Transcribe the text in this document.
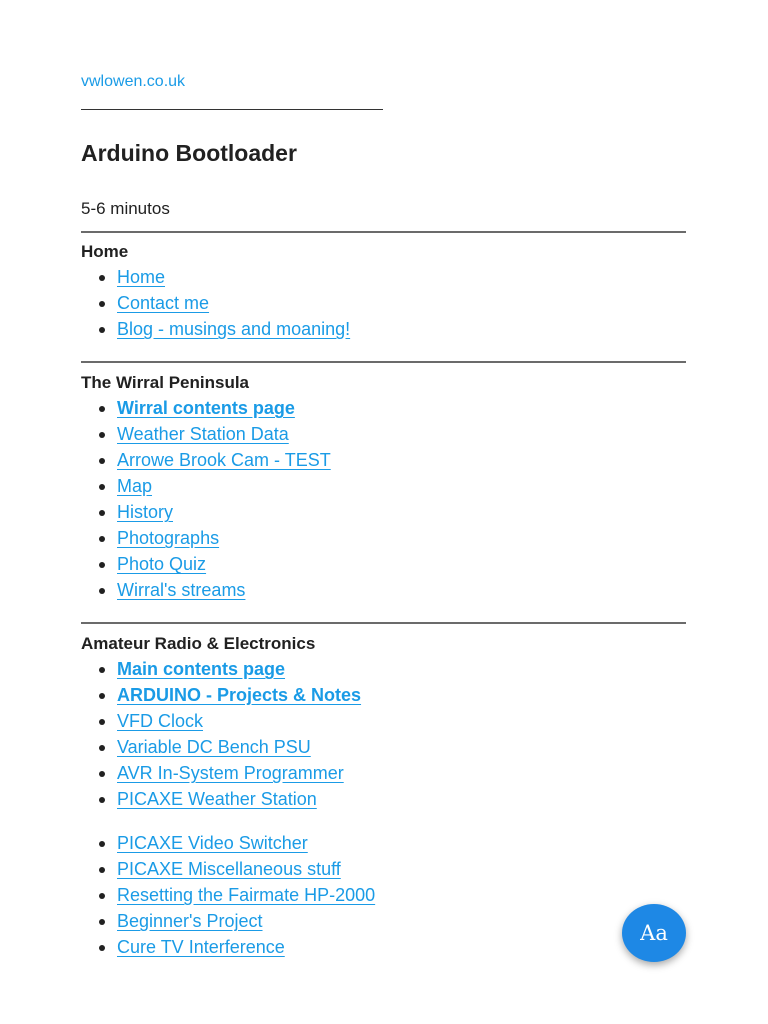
vwlowen.co.uk
Arduino Bootloader
5-6 minutos
Home
Home
Contact me
Blog - musings and moaning!
The Wirral Peninsula
Wirral contents page
Weather Station Data
Arrowe Brook Cam - TEST
Map
History
Photographs
Photo Quiz
Wirral's streams
Amateur Radio & Electronics
Main contents page
ARDUINO - Projects & Notes
VFD Clock
Variable DC Bench PSU
AVR In-System Programmer
PICAXE Weather Station
PICAXE Video Switcher
PICAXE Miscellaneous stuff
Resetting the Fairmate HP-2000
Beginner's Project
Cure TV Interference
Aa
